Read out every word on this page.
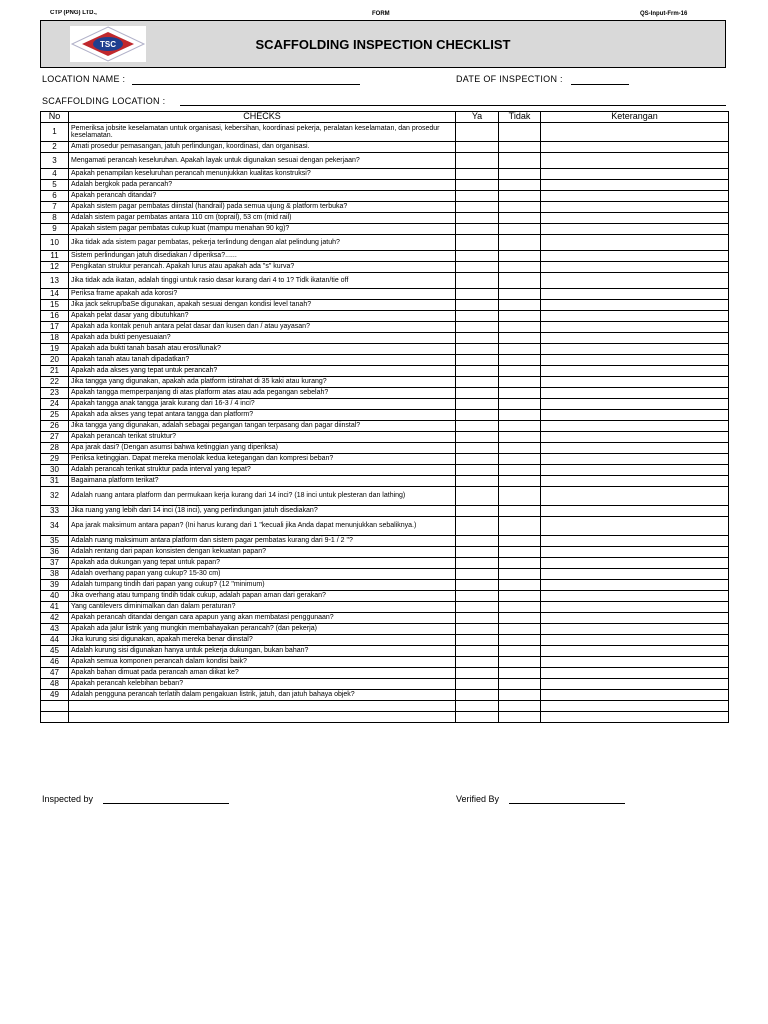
CTP (PNG) LTD.,	FORM	QS-Input-Frm-16
TSC	SCAFFOLDING INSPECTION CHECKLIST
LOCATION NAME :	DATE OF INSPECTION :
SCAFFOLDING LOCATION :
No	CHECKS	Ya	Tidak	Keterangan
1	Pemeriksa jobsite keselamatan untuk organisasi, kebersihan, koordinasi pekerja, peralatan keselamatan, dan prosedur keselamatan.			
2	Amati prosedur pemasangan, jatuh perlindungan, koordinasi, dan organisasi.			
3	Mengamati perancah keseluruhan. Apakah layak untuk digunakan sesuai dengan pekerjaan?			
4	Apakah penampilan keseluruhan perancah menunjukkan kualitas konstruksi?			
5	Adalah bergkok pada perancah?			
6	Apakah perancah ditandai?			
7	Apakah sistem pagar pembatas diinstal (handrail) pada semua ujung & platform terbuka?			
8	Adalah sistem pagar pembatas antara 110 cm (toprail), 53 cm (mid rail)			
9	Apakah sistem pagar pembatas cukup kuat (mampu menahan 90 kg)?			
10	Jika tidak ada sistem pagar pembatas, pekerja terlindung dengan alat pelindung jatuh?			
11	Sistem perlindungan jatuh disediakan / diperiksa?......			
12	Pengikatan struktur perancah. Apakah lurus atau apakah ada "s" kurva?			
13	Jika tidak ada ikatan, adalah tinggi untuk rasio dasar kurang dari 4 to 1? Tidk ikatan/tie off			
14	Periksa frame apakah ada korosi?			
15	Jika jack sekrup/baSe digunakan, apakah sesuai dengan kondisi level tanah?			
16	Apakah pelat dasar yang dibutuhkan?			
17	Apakah ada kontak penuh antara pelat dasar dan kusen dan / atau yayasan?			
18	Apakah ada bukti penyesuaian?			
19	Apakah ada bukti tanah basah atau erosi/lunak?			
20	Apakah tanah atau tanah dipadatkan?			
21	Apakah ada akses yang tepat untuk perancah?			
22	Jika tangga yang digunakan, apakah ada platform istirahat di 35 kaki atau kurang?			
23	Apakah tangga memperpanjang di atas platform atas atau ada pegangan sebelah?			
24	Apakah tangga anak tangga jarak kurang dari 16-3 / 4 inci?			
25	Apakah ada akses yang tepat antara tangga dan platform?			
26	Jika tangga yang digunakan, adalah sebagai pegangan tangan terpasang dan pagar diinstal?			
27	Apakah perancah terikat struktur?			
28	Apa jarak dasi? (Dengan asumsi bahwa ketinggian yang diperiksa)			
29	Periksa ketinggian. Dapat mereka menolak kedua ketegangan dan kompresi beban?			
30	Adalah perancah terikat struktur pada interval yang tepat?			
31	Bagaimana platform terikat?			
32	Adalah ruang antara platform dan permukaan kerja kurang dari 14 inci? (18 inci untuk plesteran dan lathing)			
33	Jika ruang yang lebih dari 14 inci (18 inci), yang perlindungan jatuh disediakan?			
34	Apa jarak maksimum antara papan? (Ini harus kurang dari 1 "kecuali jika Anda dapat menunjukkan sebaliknya.)			
35	Adalah ruang maksimum antara platform dan sistem pagar pembatas kurang dari 9-1 / 2 "?			
36	Adalah rentang dari papan konsisten dengan kekuatan papan?			
37	Apakah ada dukungan yang tepat untuk papan?			
38	Adalah overhang papan yang cukup? 15-30 cm)			
39	Adalah tumpang tindih dari papan yang cukup? (12 "minimum)			
40	Jika overhang atau tumpang tindih tidak cukup, adalah papan aman dari gerakan?			
41	Yang cantilevers diminimalkan dan dalam peraturan?			
42	Apakah perancah ditandai dengan cara apapun yang akan membatasi penggunaan?			
43	Apakah ada jalur listrik yang mungkin membahayakan perancah? (dan pekerja)			
44	Jika kurung sisi digunakan, apakah mereka benar diinstal?			
45	Adalah kurung sisi digunakan hanya untuk pekerja dukungan, bukan bahan?			
46	Apakah semua komponen perancah dalam kondisi baik?			
47	Apakah bahan dimuat pada perancah aman diikat ke?			
48	Apakah perancah kelebihan beban?			
49	Adalah pengguna perancah terlatih dalam pengakuan listrik, jatuh, dan jatuh bahaya objek?			

Inspected by	Verified By
